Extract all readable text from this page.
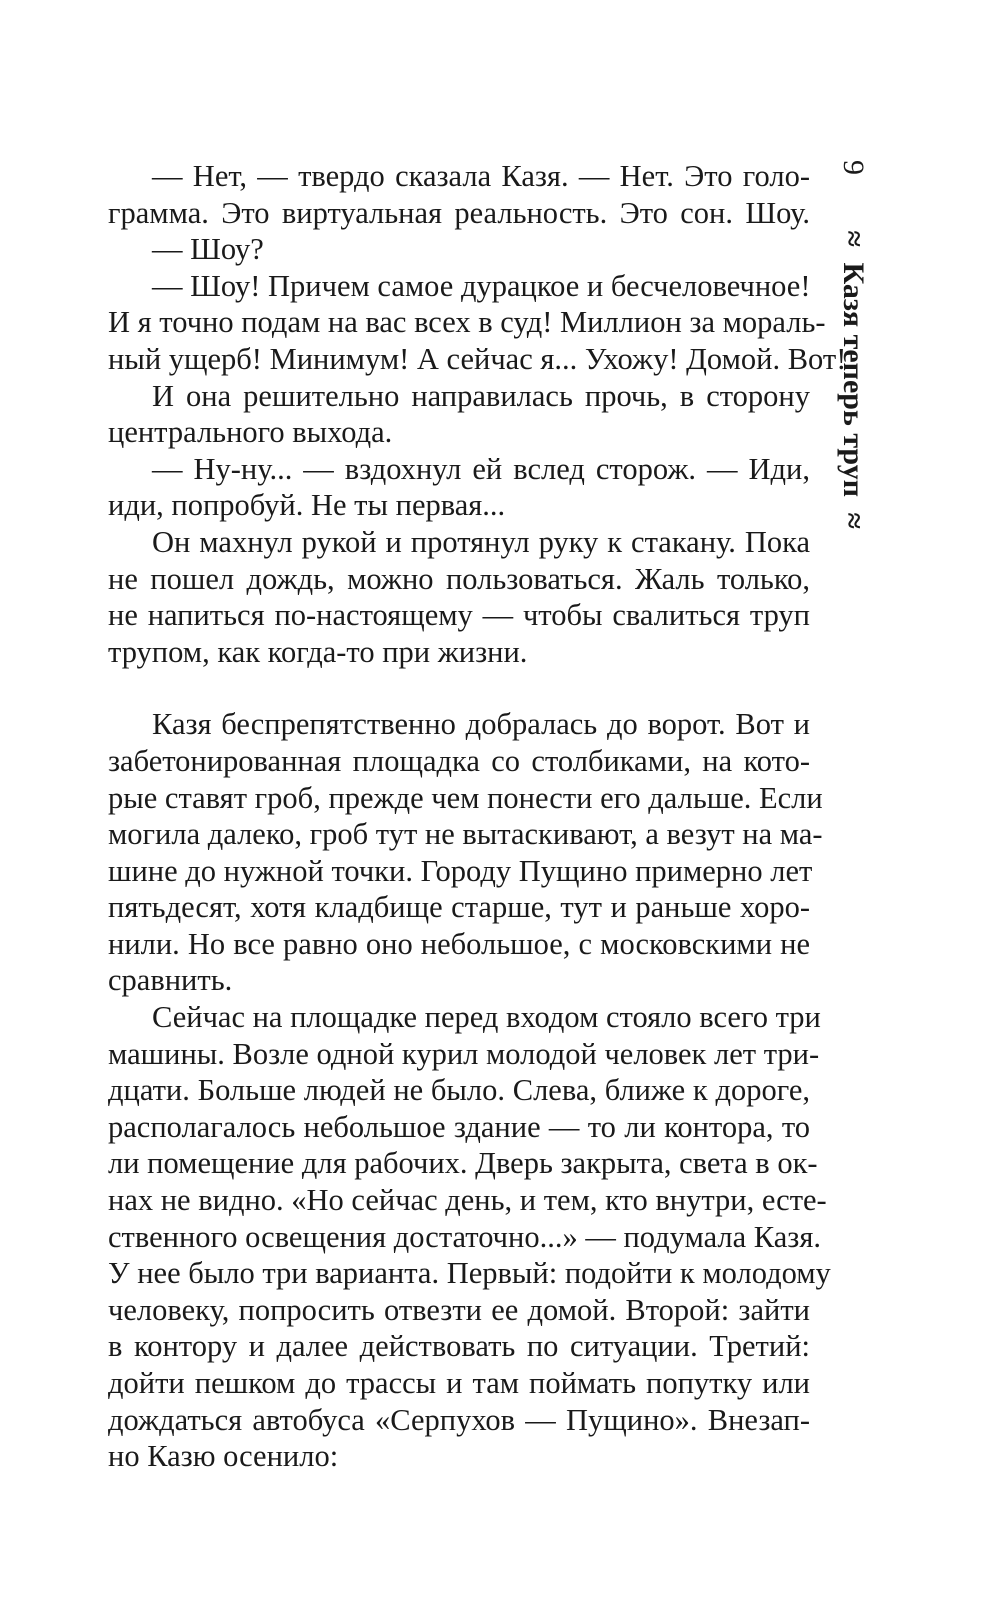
— Нет, — твердо сказала Казя. — Нет. Это голо-
грамма. Это виртуальная реальность. Это сон. Шоу.
— Шоу?
— Шоу! Причем самое дурацкое и бесчеловечное!
И я точно подам на вас всех в суд! Миллион за мораль-
ный ущерб! Минимум! А сейчас я... Ухожу! Домой. Вот!
И она решительно направилась прочь, в сторону
центрального выхода.
— Ну-ну... — вздохнул ей вслед сторож. — Иди,
иди, попробуй. Не ты первая...
Он махнул рукой и протянул руку к стакану. Пока
не пошел дождь, можно пользоваться. Жаль только,
не напиться по-настоящему — чтобы свалиться труп
трупом, как когда-то при жизни.
Казя беспрепятственно добралась до ворот. Вот и
забетонированная площадка со столбиками, на кото-
рые ставят гроб, прежде чем понести его дальше. Если
могила далеко, гроб тут не вытаскивают, а везут на ма-
шине до нужной точки. Городу Пущино примерно лет
пятьдесят, хотя кладбище старше, тут и раньше хоро-
нили. Но все равно оно небольшое, с московскими не
сравнить.
Сейчас на площадке перед входом стояло всего три
машины. Возле одной курил молодой человек лет три-
дцати. Больше людей не было. Слева, ближе к дороге,
располагалось небольшое здание — то ли контора, то
ли помещение для рабочих. Дверь закрыта, света в ок-
нах не видно. «Но сейчас день, и тем, кто внутри, есте-
ственного освещения достаточно...» — подумала Казя.
У нее было три варианта. Первый: подойти к молодому
человеку, попросить отвезти ее домой. Второй: зайти
в контору и далее действовать по ситуации. Третий:
дойти пешком до трассы и там поймать попутку или
дождаться автобуса «Серпухов — Пущино». Внезап-
но Казю осенило:
9 ≈ Казя теперь труп ≈
